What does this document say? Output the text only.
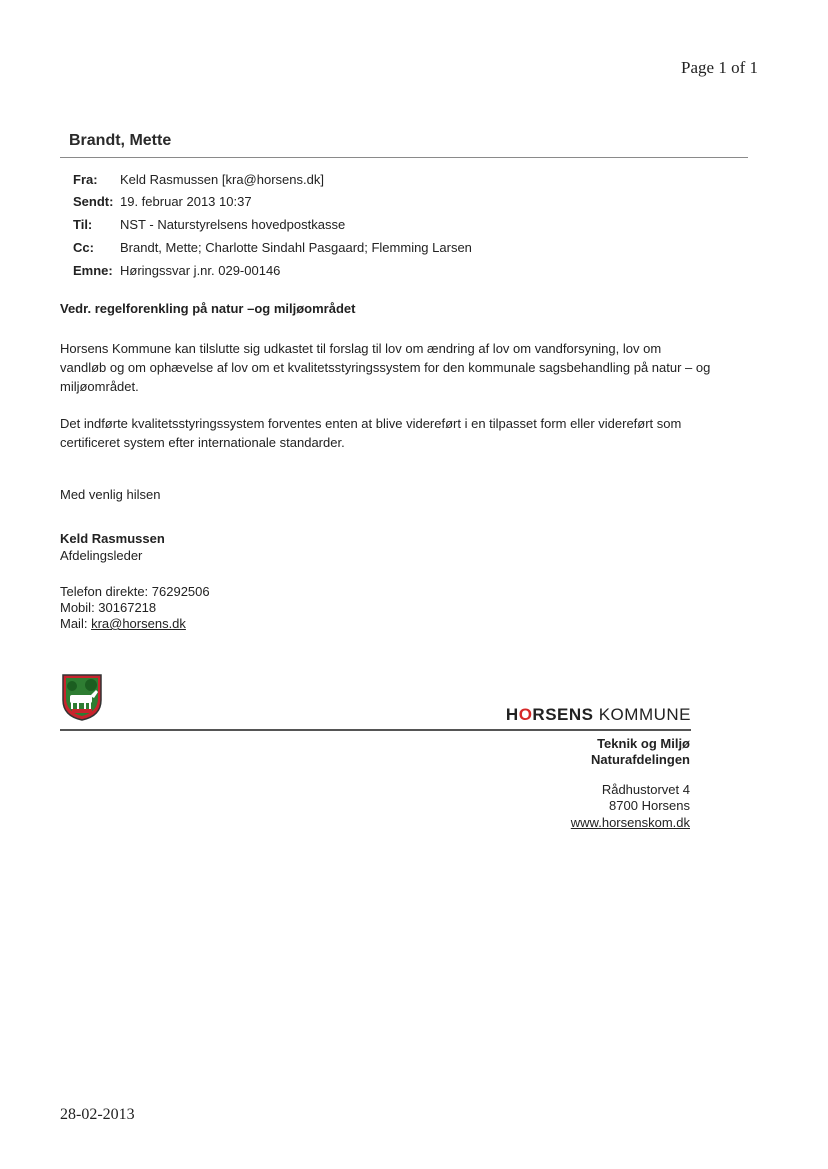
Page 1 of 1
Brandt, Mette
Fra: Keld Rasmussen [kra@horsens.dk]
Sendt: 19. februar 2013 10:37
Til: NST - Naturstyrelsens hovedpostkasse
Cc: Brandt, Mette; Charlotte Sindahl Pasgaard; Flemming Larsen
Emne: Høringssvar j.nr. 029-00146
Vedr. regelforenkling på natur –og miljøområdet
Horsens Kommune kan tilslutte sig udkastet til forslag til lov om ændring af lov om vandforsyning, lov om
vandløb og om ophævelse af lov om et kvalitetsstyringssystem for den kommunale sagsbehandling på natur – og
miljøområdet.
Det indførte kvalitetsstyringssystem forventes enten at blive videreført i en tilpasset form eller videreført som
certificeret system efter internationale standarder.
Med venlig hilsen
Keld Rasmussen
Afdelingsleder
Telefon direkte: 76292506
Mobil: 30167218
Mail: kra@horsens.dk
HORSENS KOMMUNE
Teknik og Miljø
Naturafdelingen
Rådhustorvet 4
8700 Horsens
www.horsenskom.dk
28-02-2013
